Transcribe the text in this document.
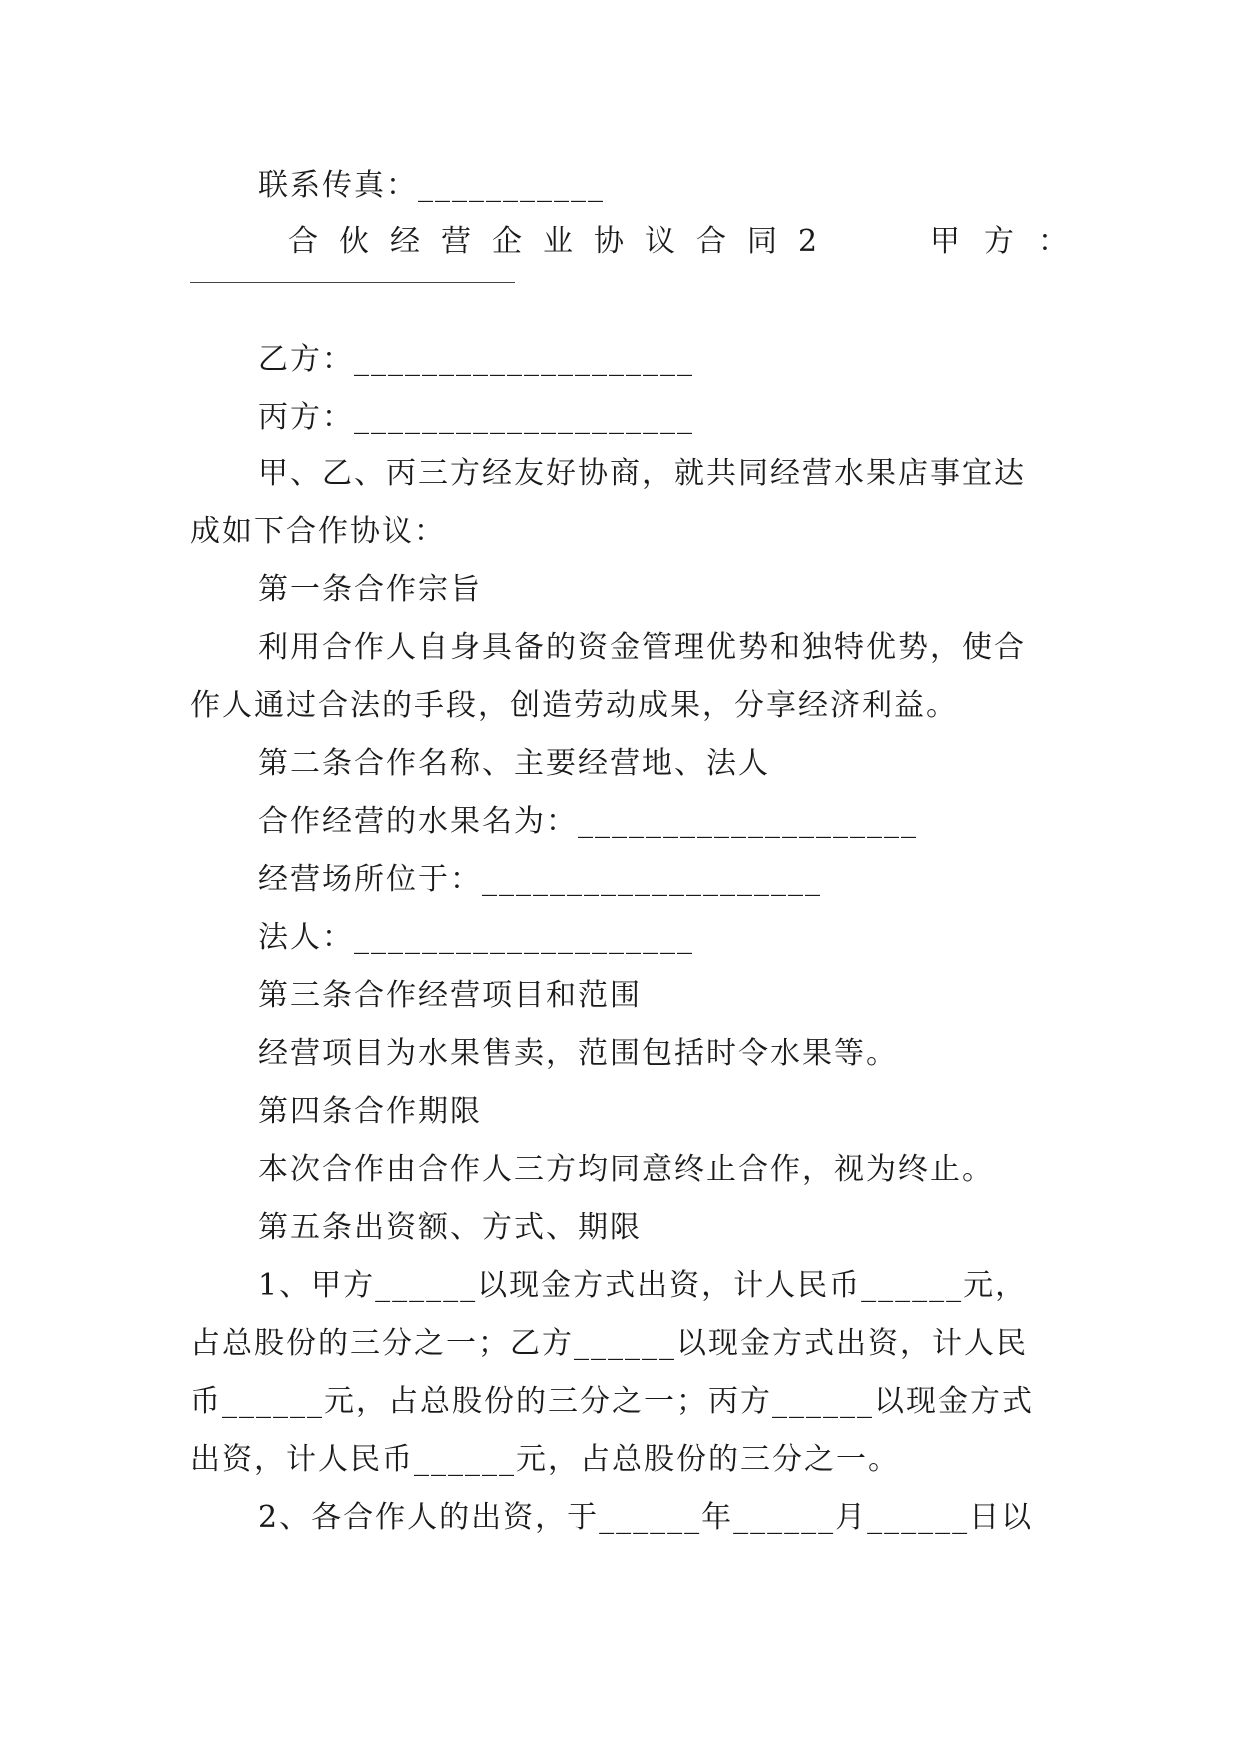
联系传真：___________
合伙经营企业协议合同2	甲方：
乙方：____________________
丙方：____________________
甲、乙、丙三方经友好协商，就共同经营水果店事宜达
成如下合作协议：
第一条合作宗旨
利用合作人自身具备的资金管理优势和独特优势，使合
作人通过合法的手段，创造劳动成果，分享经济利益。
第二条合作名称、主要经营地、法人
合作经营的水果名为：____________________
经营场所位于：____________________
法人：____________________
第三条合作经营项目和范围
经营项目为水果售卖，范围包括时令水果等。
第四条合作期限
本次合作由合作人三方均同意终止合作，视为终止。
第五条出资额、方式、期限
1、甲方______以现金方式出资，计人民币______元，
占总股份的三分之一；乙方______以现金方式出资，计人民
币______元，占总股份的三分之一；丙方______以现金方式
出资，计人民币______元，占总股份的三分之一。
2、各合作人的出资，于______年______月______日以
